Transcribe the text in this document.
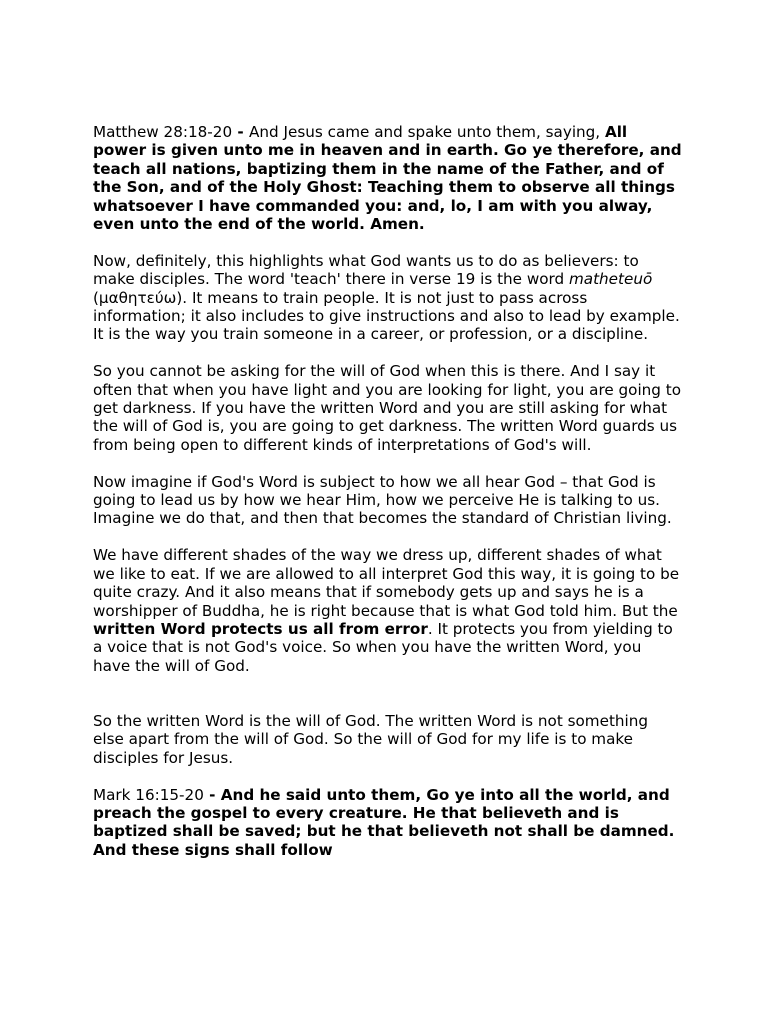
Matthew 28:18-20 - And Jesus came and spake unto them, saying, All power is given unto me in heaven and in earth. Go ye therefore, and teach all nations, baptizing them in the name of the Father, and of the Son, and of the Holy Ghost: Teaching them to observe all things whatsoever I have commanded you: and, lo, I am with you alway, even unto the end of the world. Amen.

Now, definitely, this highlights what God wants us to do as believers: to make disciples. The word 'teach' there in verse 19 is the word matheteuō (μαθητεύω). It means to train people. It is not just to pass across information; it also includes to give instructions and also to lead by example. It is the way you train someone in a career, or profession, or a discipline.

So you cannot be asking for the will of God when this is there. And I say it often that when you have light and you are looking for light, you are going to get darkness. If you have the written Word and you are still asking for what the will of God is, you are going to get darkness. The written Word guards us from being open to different kinds of interpretations of God's will.

Now imagine if God's Word is subject to how we all hear God – that God is going to lead us by how we hear Him, how we perceive He is talking to us. Imagine we do that, and then that becomes the standard of Christian living.

We have different shades of the way we dress up, different shades of what we like to eat. If we are allowed to all interpret God this way, it is going to be quite crazy. And it also means that if somebody gets up and says he is a worshipper of Buddha, he is right because that is what God told him. But the written Word protects us all from error. It protects you from yielding to a voice that is not God's voice. So when you have the written Word, you have the will of God.

So the written Word is the will of God. The written Word is not something else apart from the will of God. So the will of God for my life is to make disciples for Jesus.

Mark 16:15-20 - And he said unto them, Go ye into all the world, and preach the gospel to every creature. He that believeth and is baptized shall be saved; but he that believeth not shall be damned. And these signs shall follow
